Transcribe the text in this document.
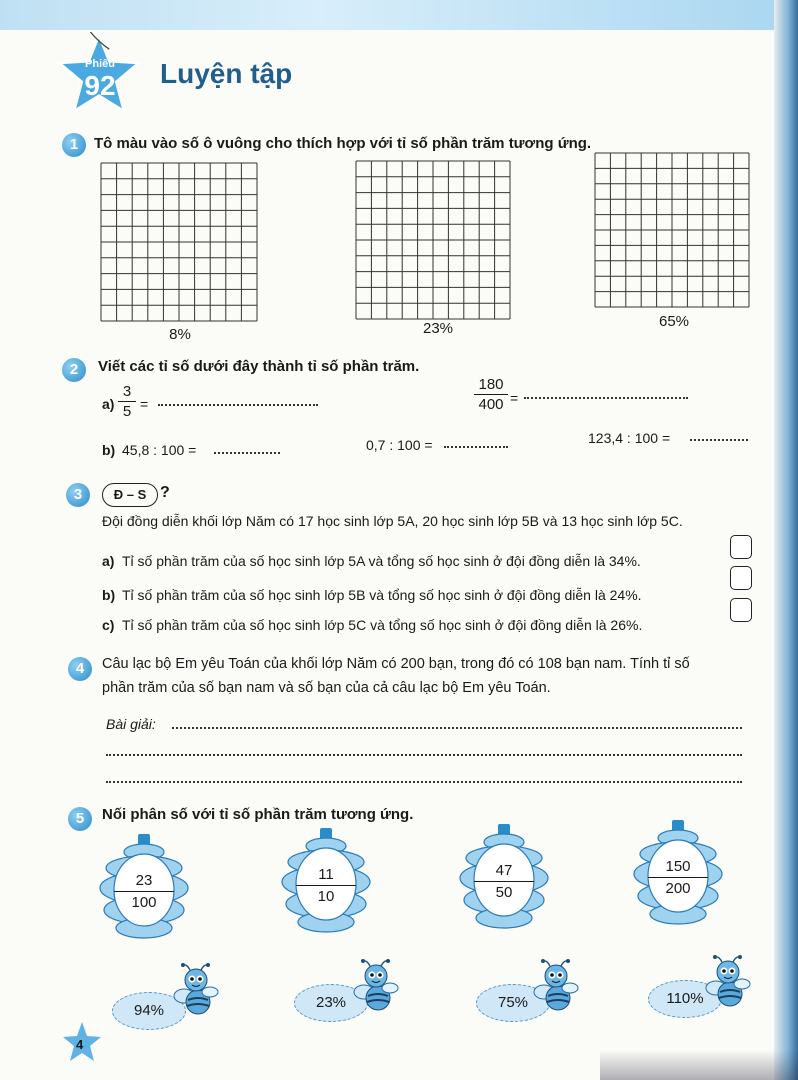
Phiếu
92	Luyện tập
1	Tô màu vào số ô vuông cho thích hợp với tỉ số phần trăm tương ứng.
8%	23%	65%
2	Viết các tỉ số dưới đây thành tỉ số phần trăm.
$a) \frac{3}{5}$ =	$\frac{180}{400}$ =
b) 45,8 : 100 =	0,7 : 100 =	123,4 : 100 =
3	Đ – S ?
Đội đồng diễn khối lớp Năm có 17 học sinh lớp 5A, 20 học sinh lớp 5B và 13 học sinh lớp 5C.
a) Tỉ số phần trăm của số học sinh lớp 5A và tổng số học sinh ở đội đồng diễn là 34%.
b) Tỉ số phần trăm của số học sinh lớp 5B và tổng số học sinh ở đội đồng diễn là 24%.
c) Tỉ số phần trăm của số học sinh lớp 5C và tổng số học sinh ở đội đồng diễn là 26%.
4	Câu lạc bộ Em yêu Toán của khối lớp Năm có 200 bạn, trong đó có 108 bạn nam. Tính tỉ số
phần trăm của số bạn nam và số bạn của cả câu lạc bộ Em yêu Toán.
Bài giải:
5	Nối phân số với tỉ số phần trăm tương ứng.
$\frac{23}{100}$	$\frac{11}{10}$	$\frac{47}{50}$	$\frac{150}{200}$
94%	23%	75%	110%
4
